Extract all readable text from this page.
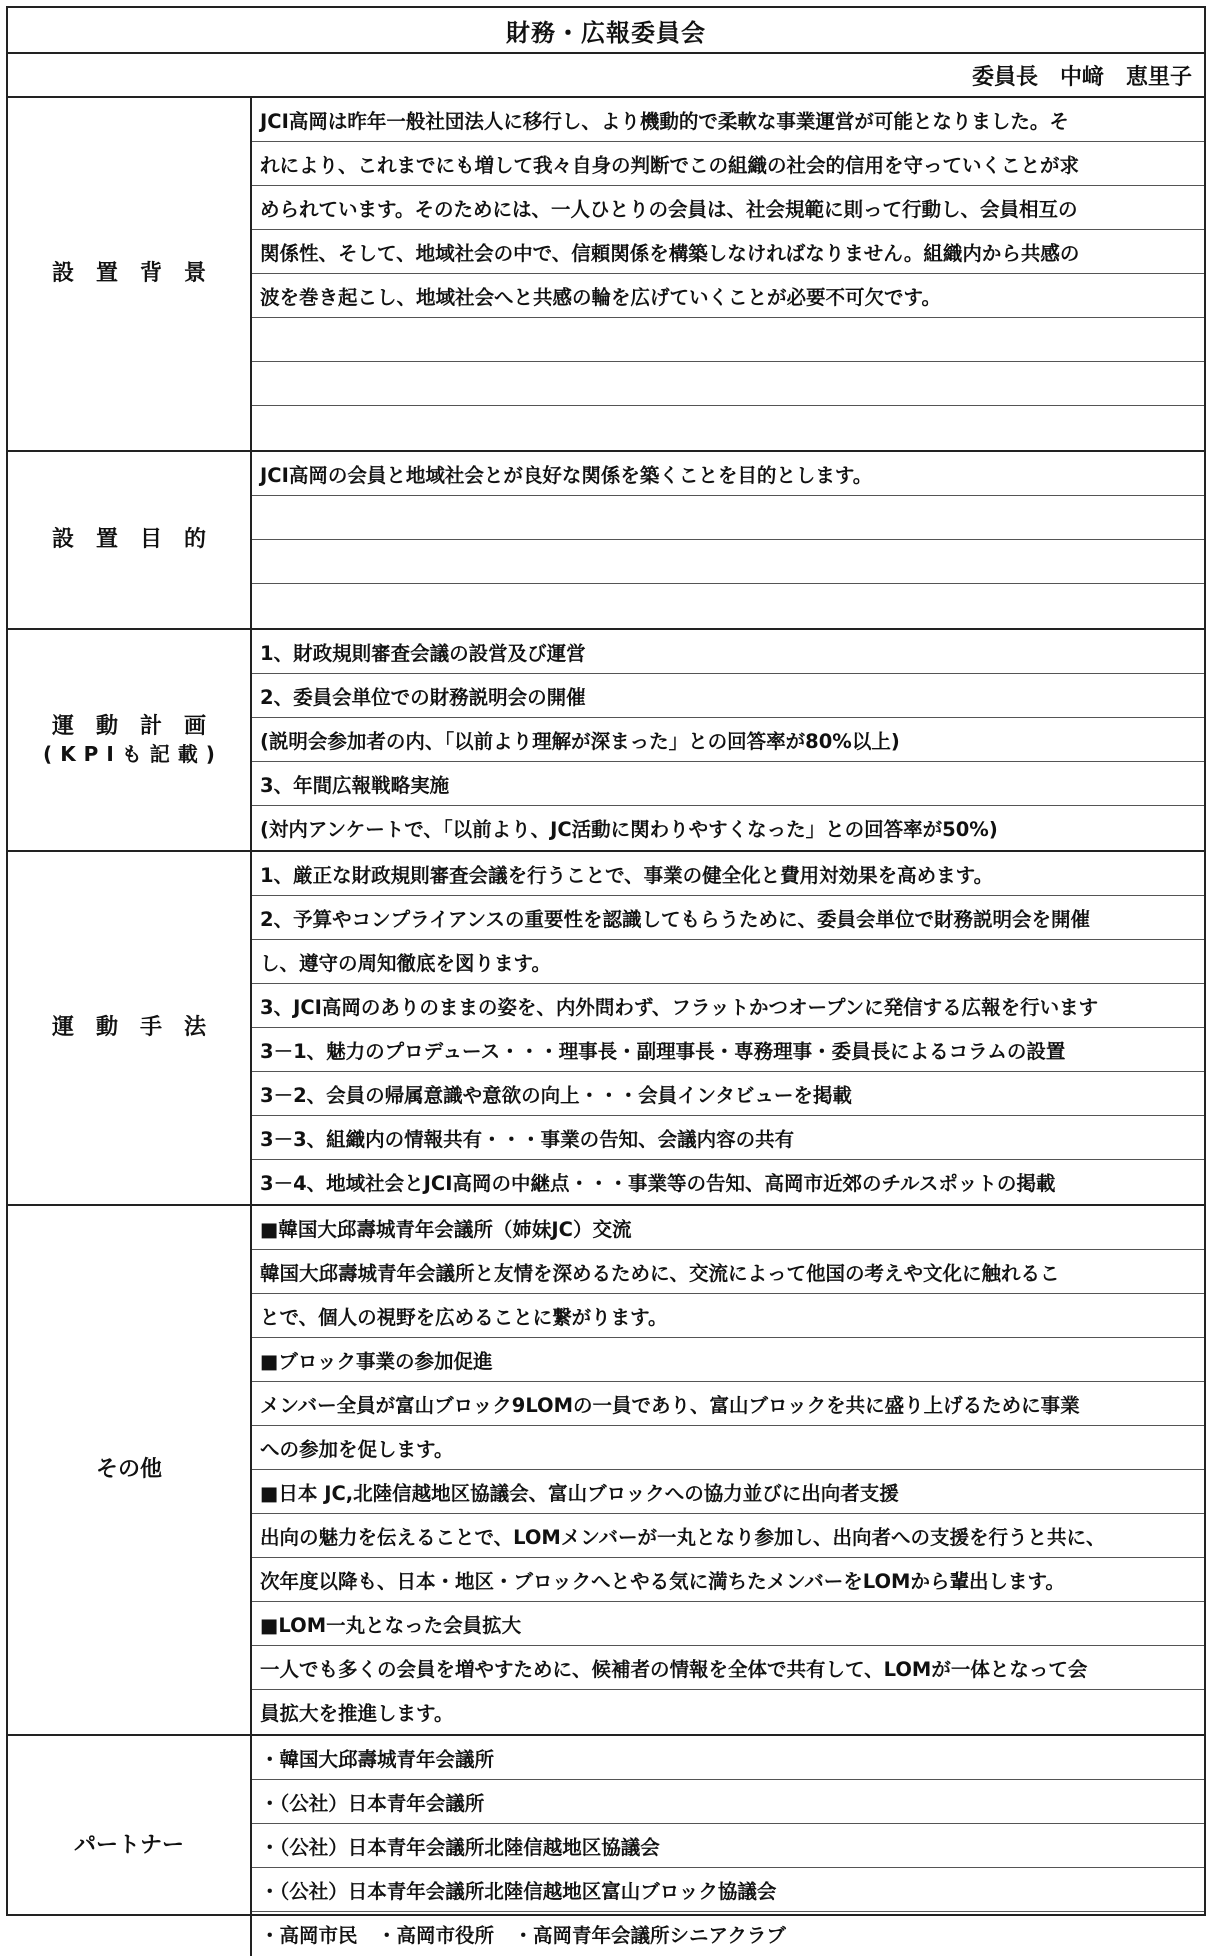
財務・広報委員会
委員長　中﨑　恵里子
設置背景
JCI高岡は昨年一般社団法人に移行し、より機動的で柔軟な事業運営が可能となりました。そ
れにより、これまでにも増して我々自身の判断でこの組織の社会的信用を守っていくことが求
められています。そのためには、一人ひとりの会員は、社会規範に則って行動し、会員相互の
関係性、そして、地域社会の中で、信頼関係を構築しなければなりません。組織内から共感の
波を巻き起こし、地域社会へと共感の輪を広げていくことが必要不可欠です。
設置目的
JCI高岡の会員と地域社会とが良好な関係を築くことを目的とします。
運動計画
(KPIも記載)
1、財政規則審査会議の設営及び運営
2、委員会単位での財務説明会の開催
(説明会参加者の内、「以前より理解が深まった」との回答率が80%以上)
3、年間広報戦略実施
(対内アンケートで、「以前より、JC活動に関わりやすくなった」との回答率が50%)
運動手法
1、厳正な財政規則審査会議を行うことで、事業の健全化と費用対効果を高めます。
2、予算やコンプライアンスの重要性を認識してもらうために、委員会単位で財務説明会を開催
し、遵守の周知徹底を図ります。
3、JCI高岡のありのままの姿を、内外問わず、フラットかつオープンに発信する広報を行います
3－1、魅力のプロデュース・・・理事長・副理事長・専務理事・委員長によるコラムの設置
3－2、会員の帰属意識や意欲の向上・・・会員インタビューを掲載
3－3、組織内の情報共有・・・事業の告知、会議内容の共有
3－4、地域社会とJCI高岡の中継点・・・事業等の告知、高岡市近郊のチルスポットの掲載
その他
■韓国大邱壽城青年会議所（姉妹JC）交流
韓国大邱壽城青年会議所と友情を深めるために、交流によって他国の考えや文化に触れるこ
とで、個人の視野を広めることに繋がります。
■ブロック事業の参加促進
メンバー全員が富山ブロック9LOMの一員であり、富山ブロックを共に盛り上げるために事業
への参加を促します。
■日本 JC,北陸信越地区協議会、富山ブロックへの協力並びに出向者支援
出向の魅力を伝えることで、LOMメンバーが一丸となり参加し、出向者への支援を行うと共に、
次年度以降も、日本・地区・ブロックへとやる気に満ちたメンバーをLOMから輩出します。
■LOM一丸となった会員拡大
一人でも多くの会員を増やすために、候補者の情報を全体で共有して、LOMが一体となって会
員拡大を推進します。
パートナー
・韓国大邱壽城青年会議所
・（公社）日本青年会議所
・（公社）日本青年会議所北陸信越地区協議会
・（公社）日本青年会議所北陸信越地区富山ブロック協議会
・高岡市民　・高岡市役所　・高岡青年会議所シニアクラブ
